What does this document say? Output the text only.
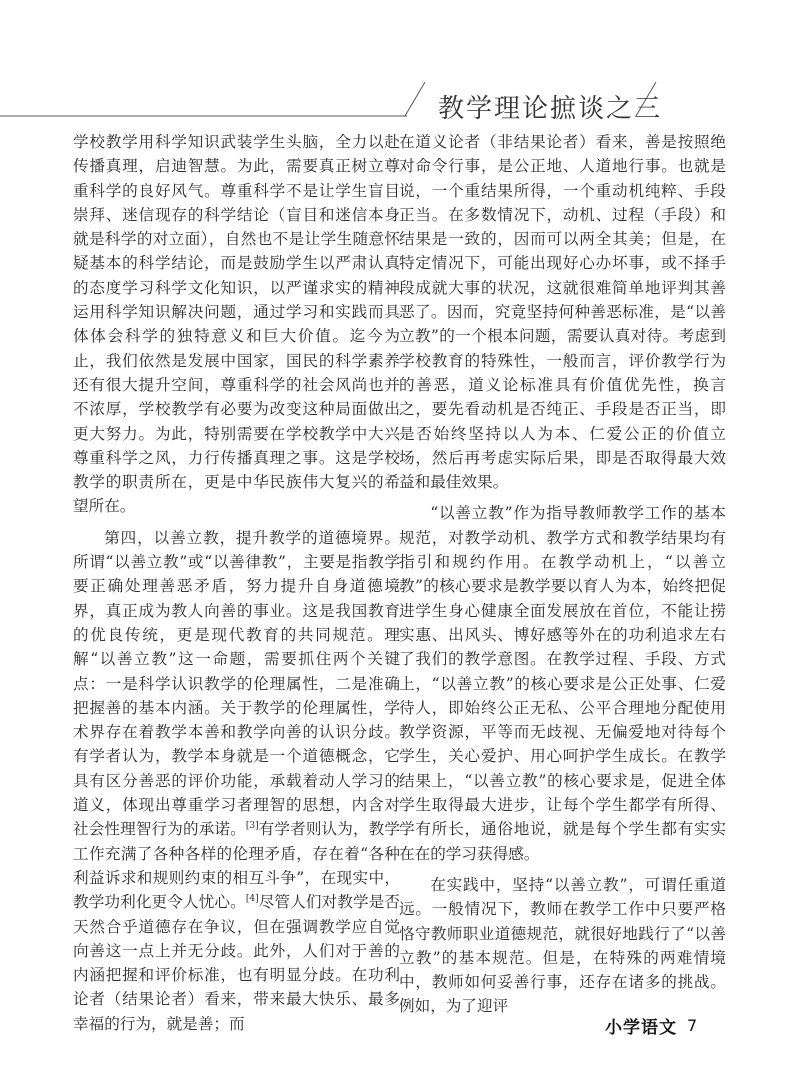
教学理论摭谈之三

学校教学用科学知识武装学生头脑，全力以赴传播真理，启迪智慧。为此，需要真正树立尊重科学的良好风气。尊重科学不是让学生盲目崇拜、迷信现存的科学结论（盲目和迷信本身就是科学的对立面），自然也不是让学生随意怀疑基本的科学结论，而是鼓励学生以严肃认真的态度学习科学文化知识，以严谨求实的精神运用科学知识解决问题，通过学习和实践而具体体会科学的独特意义和巨大价值。迄今为止，我们依然是发展中国家，国民的科学素养还有很大提升空间，尊重科学的社会风尚也并不浓厚，学校教学有必要为改变这种局面做出更大努力。为此，特别需要在学校教学中大兴尊重科学之风，力行传播真理之事。这是学校教学的职责所在，更是中华民族伟大复兴的希望所在。

第四，以善立教，提升教学的道德境界。所谓“以善立教”或“以善律教”，主要是指教学要正确处理善恶矛盾，努力提升自身道德境界，真正成为教人向善的事业。这是我国教育的优良传统，更是现代教育的共同规范。理解“以善立教”这一命题，需要抓住两个关键点：一是科学认识教学的伦理属性，二是准确把握善的基本内涵。关于教学的伦理属性，学术界存在着教学本善和教学向善的认识分歧。有学者认为，教学本身就是一个道德概念，它具有区分善恶的评价功能，承载着动人学习的道义，体现出尊重学习者理智的思想，内含对社会性理智行为的承诺。[3]有学者则认为，教学工作充满了各种各样的伦理矛盾，存在着“各种利益诉求和规则约束的相互斗争”，在现实中，教学功利化更令人忧心。[4]尽管人们对教学是否天然合乎道德存在争议，但在强调教学应自觉向善这一点上并无分歧。此外，人们对于善的内涵把握和评价标准，也有明显分歧。在功利论者（结果论者）看来，带来最大快乐、最多幸福的行为，就是善；而

在道义论者（非结果论者）看来，善是按照绝对命令行事，是公正地、人道地行事。也就是说，一个重结果所得，一个重动机纯粹、手段正当。在多数情况下，动机、过程（手段）和结果是一致的，因而可以两全其美；但是，在特定情况下，可能出现好心办坏事，或不择手段成就大事的状况，这就很难简单地评判其善恶了。因而，究竟坚持何种善恶标准，是“以善立教”的一个根本问题，需要认真对待。考虑到学校教育的特殊性，一般而言，评价教学行为的善恶，道义论标准具有价值优先性，换言之，要先看动机是否纯正、手段是否正当，即是否始终坚持以人为本、仁爱公正的价值立场，然后再考虑实际后果，即是否取得最大效益和最佳效果。

“以善立教”作为指导教师教学工作的基本规范，对教学动机、教学方式和教学结果均有指引和规约作用。在教学动机上，“以善立教”的核心要求是教学要以育人为本，始终把促进学生身心健康全面发展放在首位，不能让捞实惠、出风头、博好感等外在的功利追求左右了我们的教学意图。在教学过程、手段、方式上，“以善立教”的核心要求是公正处事、仁爱待人，即始终公正无私、公平合理地分配使用教学资源，平等而无歧视、无偏爱地对待每个学生，关心爱护、用心呵护学生成长。在教学结果上，“以善立教”的核心要求是，促进全体学生取得最大进步，让每个学生都学有所得、学有所长，通俗地说，就是每个学生都有实实在在的学习获得感。

在实践中，坚持“以善立教”，可谓任重道远。一般情况下，教师在教学工作中只要严格恪守教师职业道德规范，就很好地践行了“以善立教”的基本规范。但是，在特殊的两难情境中，教师如何妥善行事，还存在诸多的挑战。例如，为了迎评

小学语文 7
